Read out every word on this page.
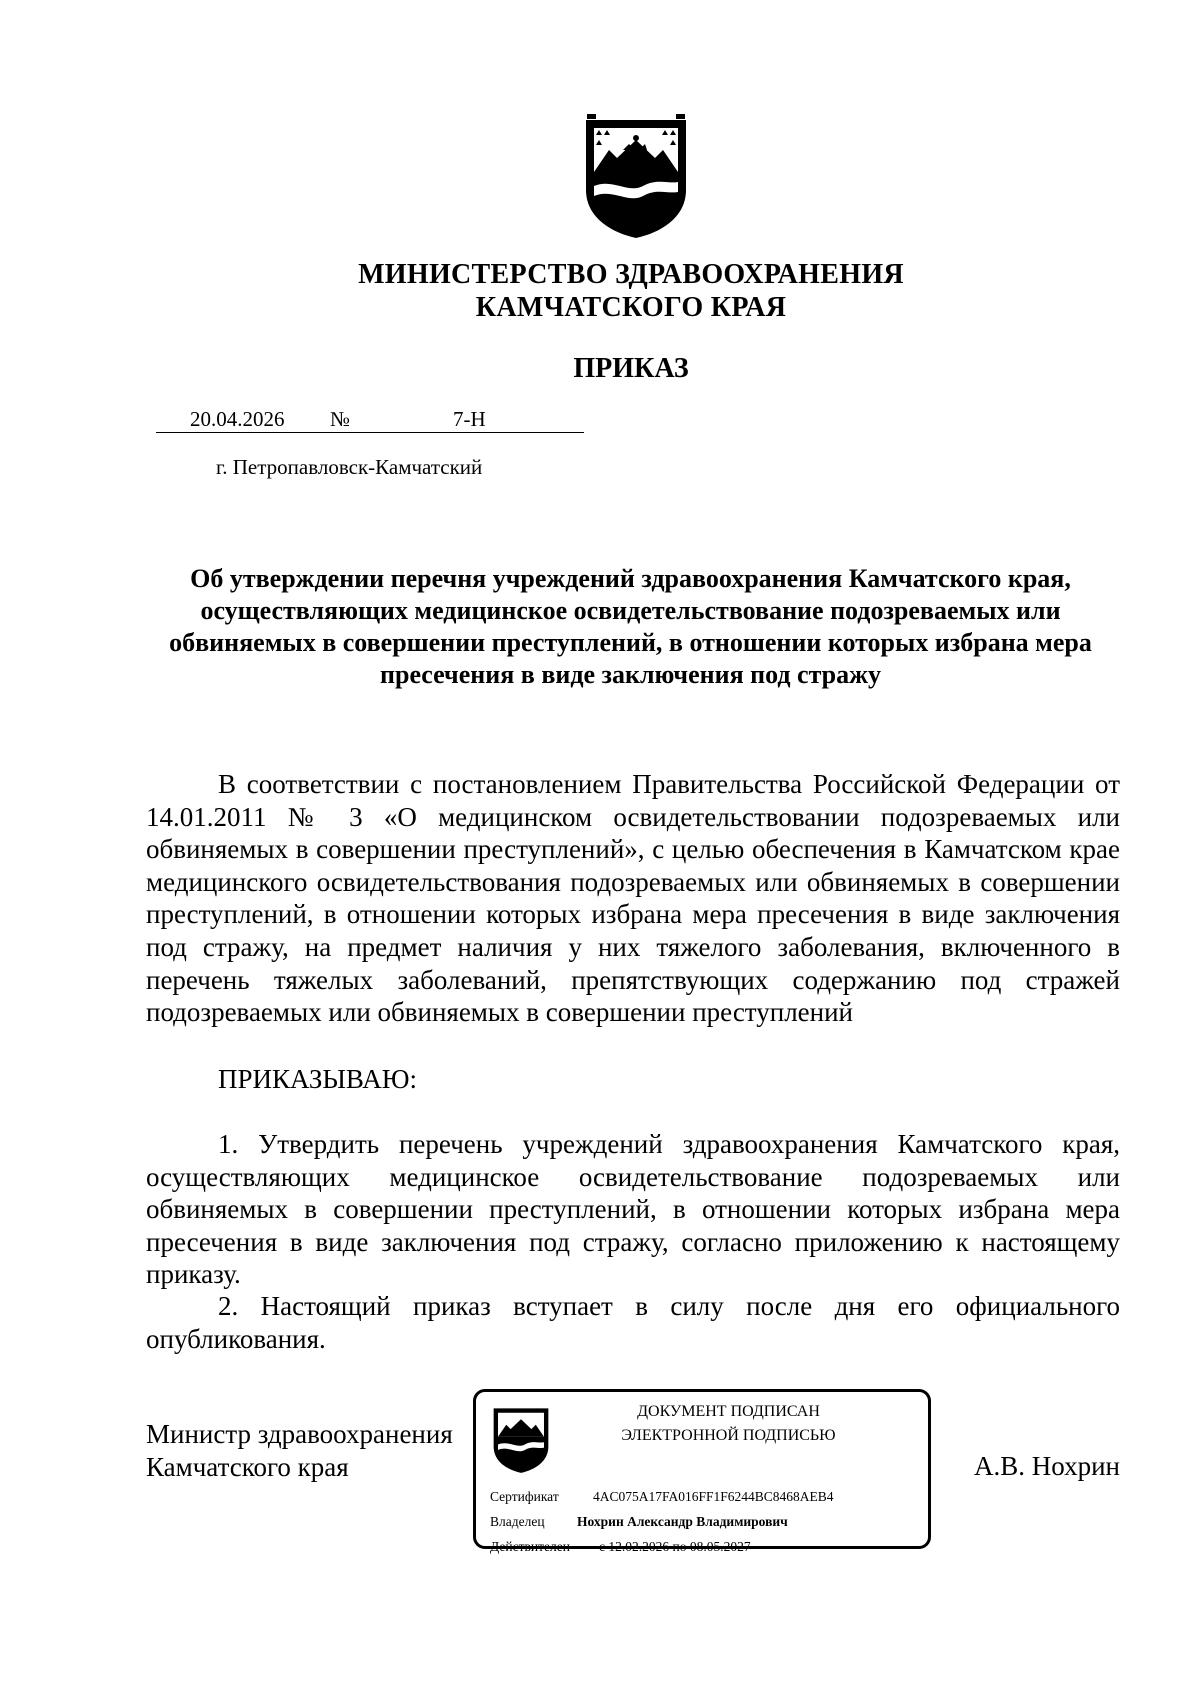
МИНИСТЕРСТВО ЗДРАВООХРАНЕНИЯ
КАМЧАТСКОГО КРАЯ
ПРИКАЗ
20.04.2026 №	7-Н
г. Петропавловск-Камчатский
Об утверждении перечня учреждений здравоохранения Камчатского края, осуществляющих медицинское освидетельствование подозреваемых или обвиняемых в совершении преступлений, в отношении которых избрана мера пресечения в виде заключения под стражу
В соответствии с постановлением Правительства Российской Федерации от 14.01.2011 № 3 «О медицинском освидетельствовании подозреваемых или обвиняемых в совершении преступлений», с целью обеспечения в Камчатском крае медицинского освидетельствования подозреваемых или обвиняемых в совершении преступлений, в отношении которых избрана мера пресечения в виде заключения под стражу, на предмет наличия у них тяжелого заболевания, включенного в перечень тяжелых заболеваний, препятствующих содержанию под стражей подозреваемых или обвиняемых в совершении преступлений
ПРИКАЗЫВАЮ:
1. Утвердить перечень учреждений здравоохранения Камчатского края, осуществляющих медицинское освидетельствование подозреваемых или обвиняемых в совершении преступлений, в отношении которых избрана мера пресечения в виде заключения под стражу, согласно приложению к настоящему приказу.
2. Настоящий приказ вступает в силу после дня его официального опубликования.
Министр здравоохранения
Камчатского края
ДОКУМЕНТ ПОДПИСАН
ЭЛЕКТРОННОЙ ПОДПИСЬЮ
Сертификат	4AC075A17FA016FF1F6244BC8468AEB4
Владелец Нохрин Александр Владимирович
Действителен с 12.02.2026 по 08.05.2027
А.В. Нохрин
